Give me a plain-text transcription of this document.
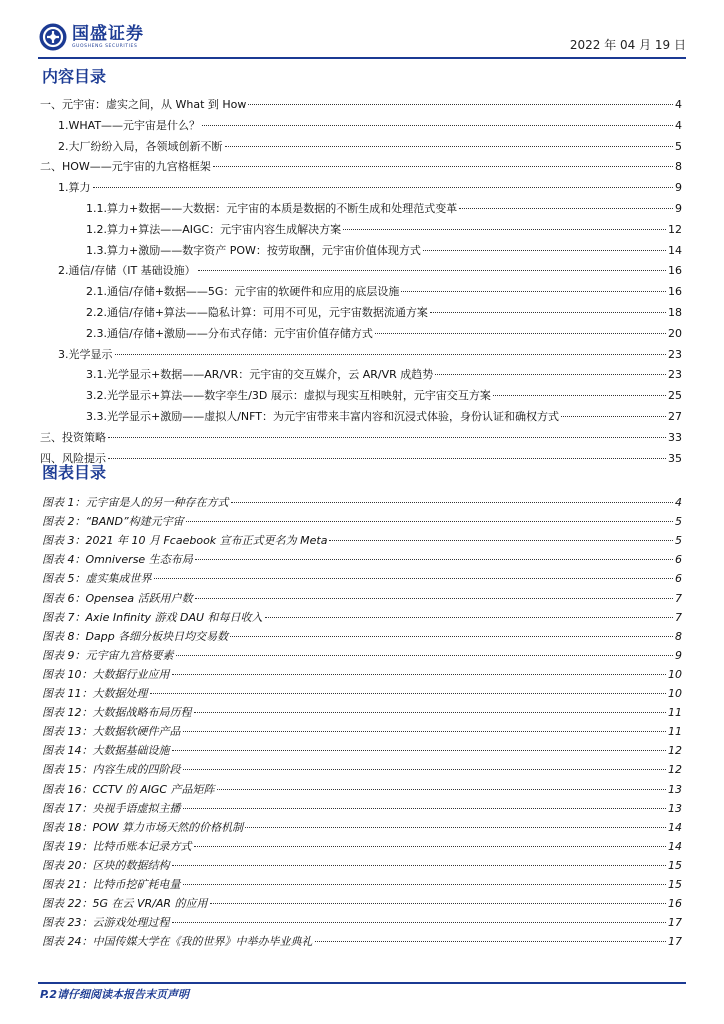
国盛证券
GUOSHENG SECURITIES	2022 年 04 月 19 日
内容目录
一、元宇宙：虚实之间，从 What 到 How	4
1.WHAT——元宇宙是什么？	4
2.大厂纷纷入局，各领域创新不断	5
二、HOW——元宇宙的九宫格框架	8
1.算力	9
1.1.算力+数据——大数据：元宇宙的本质是数据的不断生成和处理范式变革	9
1.2.算力+算法——AIGC：元宇宙内容生成解决方案	12
1.3.算力+激励——数字资产 POW：按劳取酬，元宇宙价值体现方式	14
2.通信/存储（IT 基础设施）	16
2.1.通信/存储+数据——5G：元宇宙的软硬件和应用的底层设施	16
2.2.通信/存储+算法——隐私计算：可用不可见，元宇宙数据流通方案	18
2.3.通信/存储+激励——分布式存储：元宇宙价值存储方式	20
3.光学显示	23
3.1.光学显示+数据——AR/VR：元宇宙的交互媒介，云 AR/VR 成趋势	23
3.2.光学显示+算法——数字孪生/3D 展示：虚拟与现实互相映射，元宇宙交互方案	25
3.3.光学显示+激励——虚拟人/NFT：为元宇宙带来丰富内容和沉浸式体验，身份认证和确权方式	27
三、投资策略	33
四、风险提示	35
图表目录
图表 1：元宇宙是人的另一种存在方式	4
图表 2：“BAND”构建元宇宙	5
图表 3：2021 年 10 月 Fcaebook 宣布正式更名为 Meta	5
图表 4：Omniverse 生态布局	6
图表 5：虚实集成世界	6
图表 6：Opensea 活跃用户数	7
图表 7：Axie Infinity 游戏 DAU 和每日收入	7
图表 8：Dapp 各细分板块日均交易数	8
图表 9：元宇宙九宫格要素	9
图表 10：大数据行业应用	10
图表 11：大数据处理	10
图表 12：大数据战略布局历程	11
图表 13：大数据软硬件产品	11
图表 14：大数据基础设施	12
图表 15：内容生成的四阶段	12
图表 16：CCTV 的 AIGC 产品矩阵	13
图表 17：央视手语虚拟主播	13
图表 18：POW 算力市场天然的价格机制	14
图表 19：比特币账本记录方式	14
图表 20：区块的数据结构	15
图表 21：比特币挖矿耗电量	15
图表 22：5G 在云 VR/AR 的应用	16
图表 23：云游戏处理过程	17
图表 24：中国传媒大学在《我的世界》中举办毕业典礼	17
P.2请仔细阅读本报告末页声明
